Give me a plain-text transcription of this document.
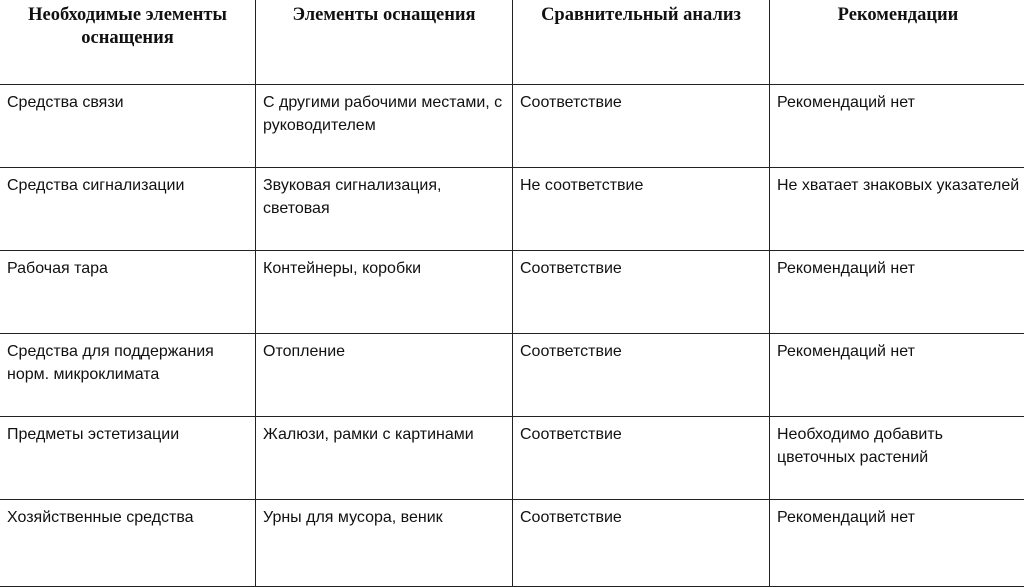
Необходимые элементы оснащения	Элементы оснащения	Сравнительный анализ	Рекомендации
Средства связи	С другими рабочими местами, с руководителем	Соответствие	Рекомендаций нет
Средства сигнализации	Звуковая сигнализация, световая	Не соответствие	Не хватает знаковых указателей
Рабочая тара	Контейнеры, коробки	Соответствие	Рекомендаций нет
Средства для поддержания норм. микроклимата	Отопление	Соответствие	Рекомендаций нет
Предметы эстетизации	Жалюзи, рамки с картинами	Соответствие	Необходимо добавить цветочных растений
Хозяйственные средства	Урны для мусора, веник	Соответствие	Рекомендаций нет
